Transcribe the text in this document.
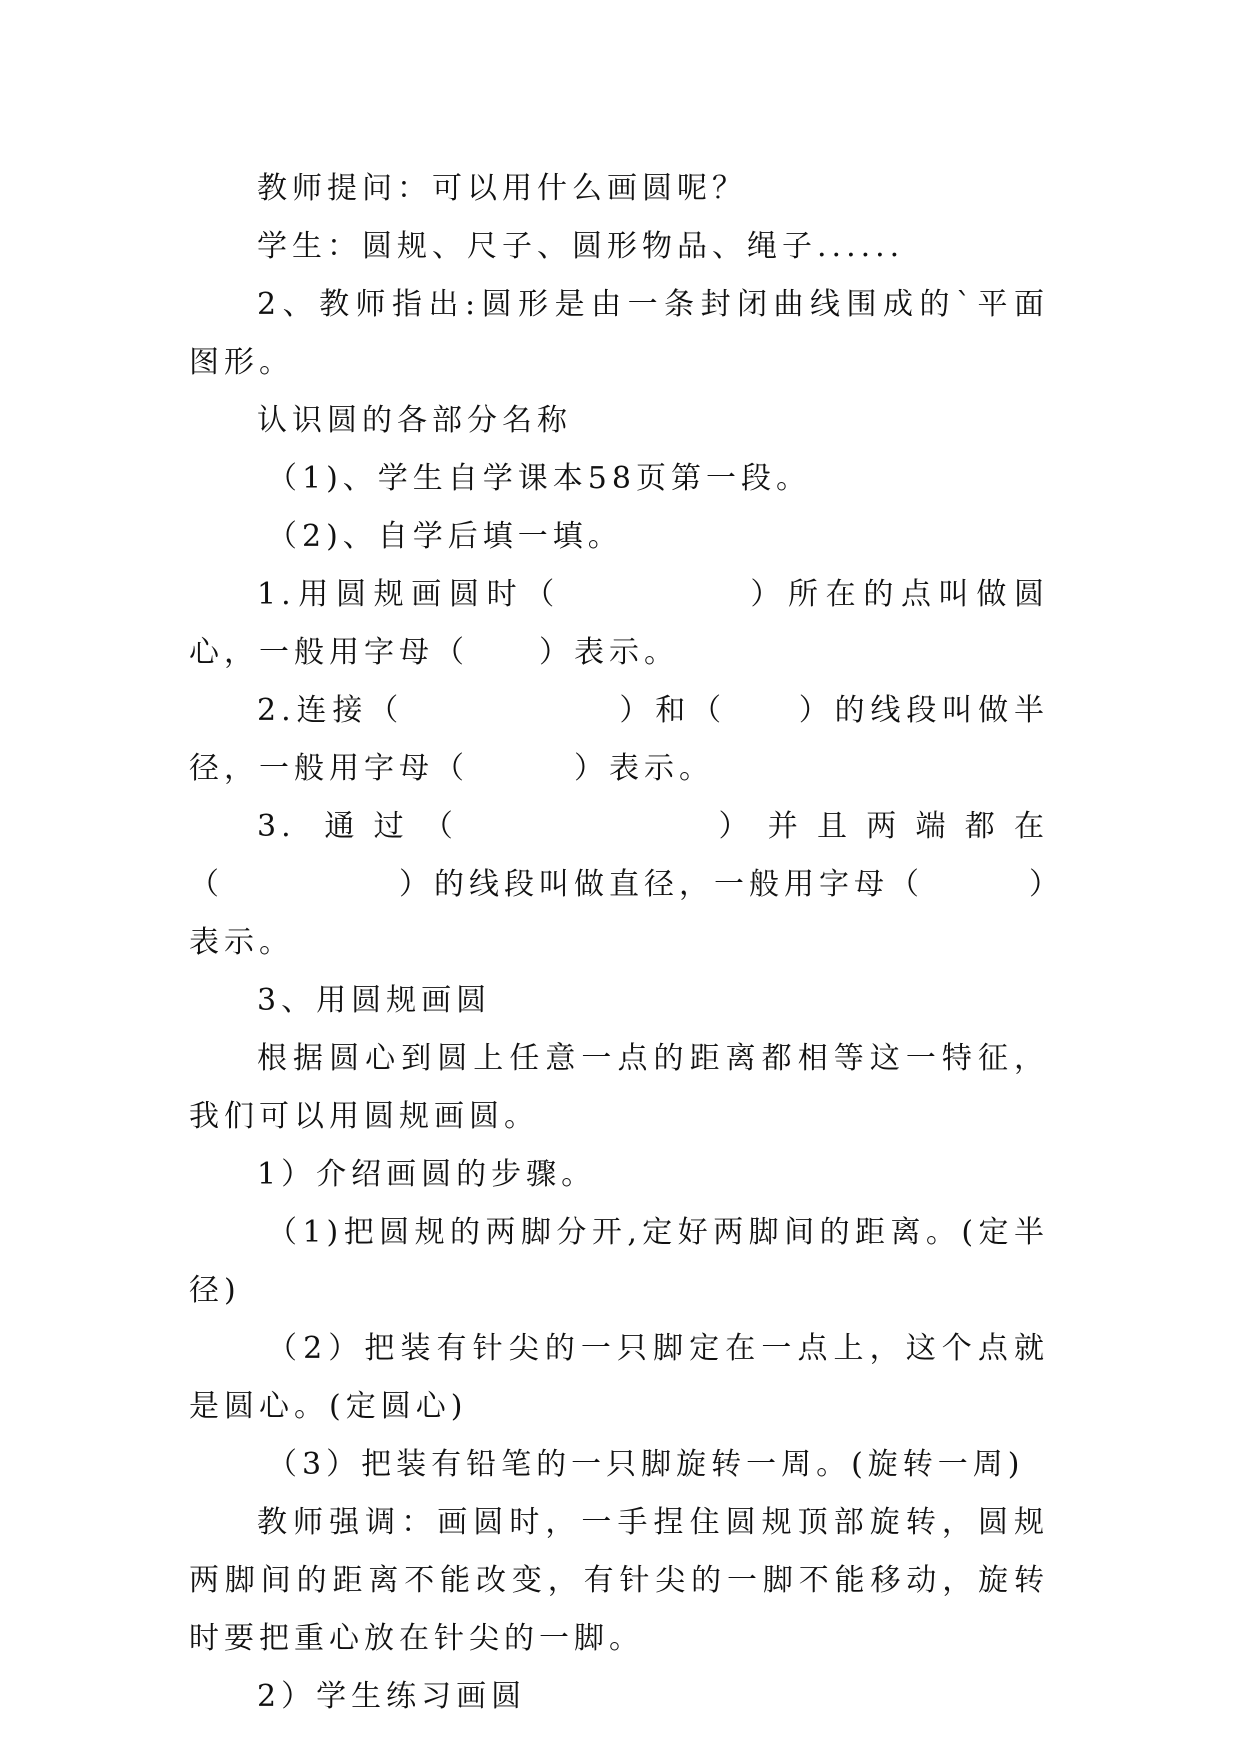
教师提问：可以用什么画圆呢？

学生：圆规、尺子、圆形物品、绳子......

2、教师指出:圆形是由一条封闭曲线围成的`平面图形。

认识圆的各部分名称

（1)、学生自学课本58页第一段。

（2)、自学后填一填。

1.用圆规画圆时（　　　　　）所在的点叫做圆心，一般用字母（　　）表示。

2.连接（　　　　　　）和（　　）的线段叫做半径，一般用字母（　　　）表示。

3. 通过（　　　　　）并且两端都在（　　　　　）的线段叫做直径，一般用字母（　　　）表示。

3、用圆规画圆

根据圆心到圆上任意一点的距离都相等这一特征，我们可以用圆规画圆。

1）介绍画圆的步骤。

（1)把圆规的两脚分开,定好两脚间的距离。(定半径)

（2）把装有针尖的一只脚定在一点上，这个点就是圆心。(定圆心)

（3）把装有铅笔的一只脚旋转一周。(旋转一周)

教师强调：画圆时，一手捏住圆规顶部旋转，圆规两脚间的距离不能改变，有针尖的一脚不能移动，旋转时要把重心放在针尖的一脚。

2）学生练习画圆
